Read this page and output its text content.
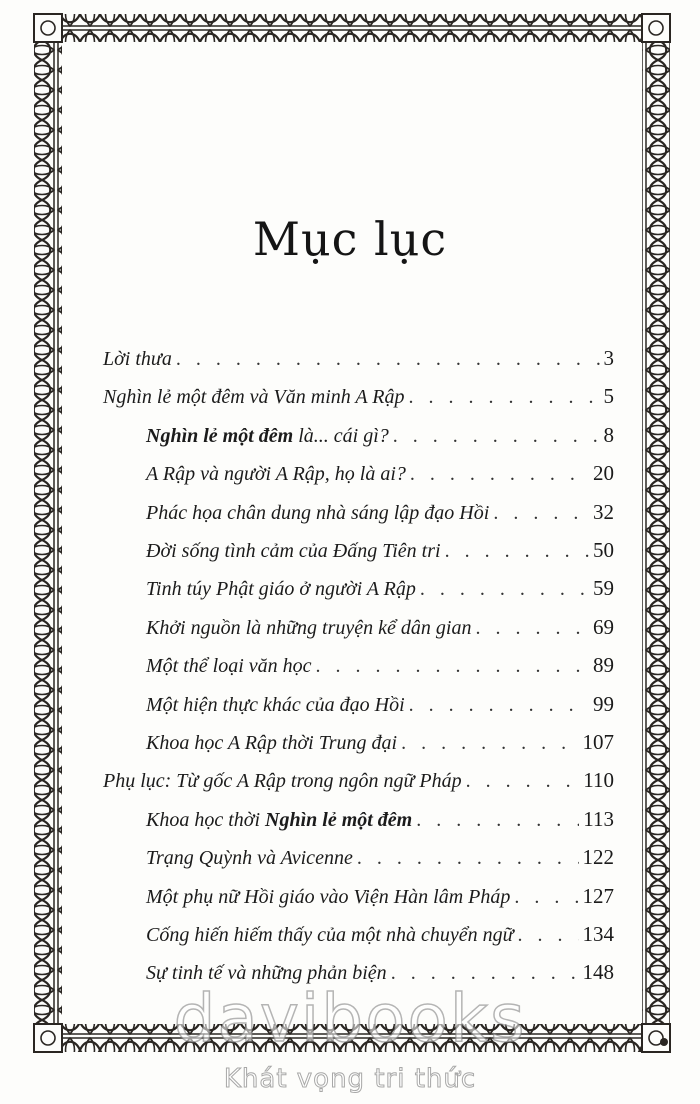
Mục lục
Lời thưa . . .	3
Nghìn lẻ một đêm và Văn minh A Rập . . .	5
Nghìn lẻ một đêm là... cái gì? . . .	8
A Rập và người A Rập, họ là ai? . . .	20
Phác họa chân dung nhà sáng lập đạo Hồi . . .	32
Đời sống tình cảm của Đấng Tiên tri . . .	50
Tinh túy Phật giáo ở người A Rập . . .	59
Khởi nguồn là những truyện kể dân gian . . .	69
Một thể loại văn học . . .	89
Một hiện thực khác của đạo Hồi . . .	99
Khoa học A Rập thời Trung đại . . .	107
Phụ lục: Từ gốc A Rập trong ngôn ngữ Pháp . . .	110
Khoa học thời Nghìn lẻ một đêm . . .	113
Trạng Quỳnh và Avicenne . . .	122
Một phụ nữ Hồi giáo vào Viện Hàn lâm Pháp . . .	127
Cống hiến hiếm thấy của một nhà chuyển ngữ . . .	134
Sự tinh tế và những phản biện . . .	148
davibooks
Khát vọng tri thức
